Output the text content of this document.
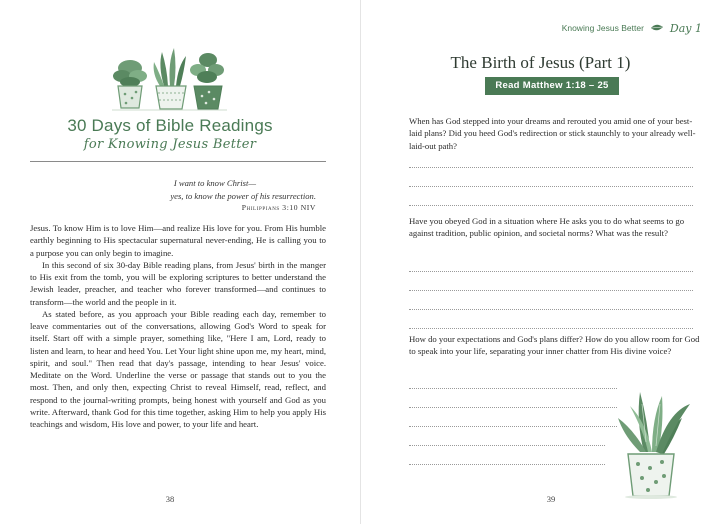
30 Days of Bible Readings
for Knowing Jesus Better
I want to know Christ—
yes, to know the power of his resurrection.
Philippians 3:10 NIV

Jesus. To know Him is to love Him—and realize His love for you. From His humble earthly beginning to His spectacular supernatural never-ending, He is calling you to a purpose you can only begin to imagine.

In this second of six 30-day Bible reading plans, from Jesus' birth in the manger to His exit from the tomb, you will be exploring scriptures to better understand the Jewish leader, preacher, and teacher who forever transformed—and continues to transform—the world and the people in it.

As stated before, as you approach your Bible reading each day, remember to leave commentaries out of the conversations, allowing God's Word to speak for itself. Start off with a simple prayer, something like, "Here I am, Lord, ready to listen and learn, to hear and heed You. Let Your light shine upon me, my heart, mind, spirit, and soul." Then read that day's passage, intending to hear Jesus' voice. Meditate on the Word. Underline the verse or passage that stands out to you the most. Then, and only then, expecting Christ to reveal Himself, read, reflect, and respond to the journal-writing prompts, being honest with yourself and God as you write. Afterward, thank God for this time together, asking Him to help you apply His teachings and wisdom, His love and power, to your life and heart.

38
Knowing Jesus Better Day 1
The Birth of Jesus (Part 1)
Read Matthew 1:18 – 25
When has God stepped into your dreams and rerouted you amid one of your best-laid plans? Did you heed God's redirection or stick staunchly to your already well-laid-out path?
Have you obeyed God in a situation where He asks you to do what seems to go against tradition, public opinion, and societal norms? What was the result?
How do your expectations and God's plans differ? How do you allow room for God to speak into your life, separating your inner chatter from His divine voice?
39
